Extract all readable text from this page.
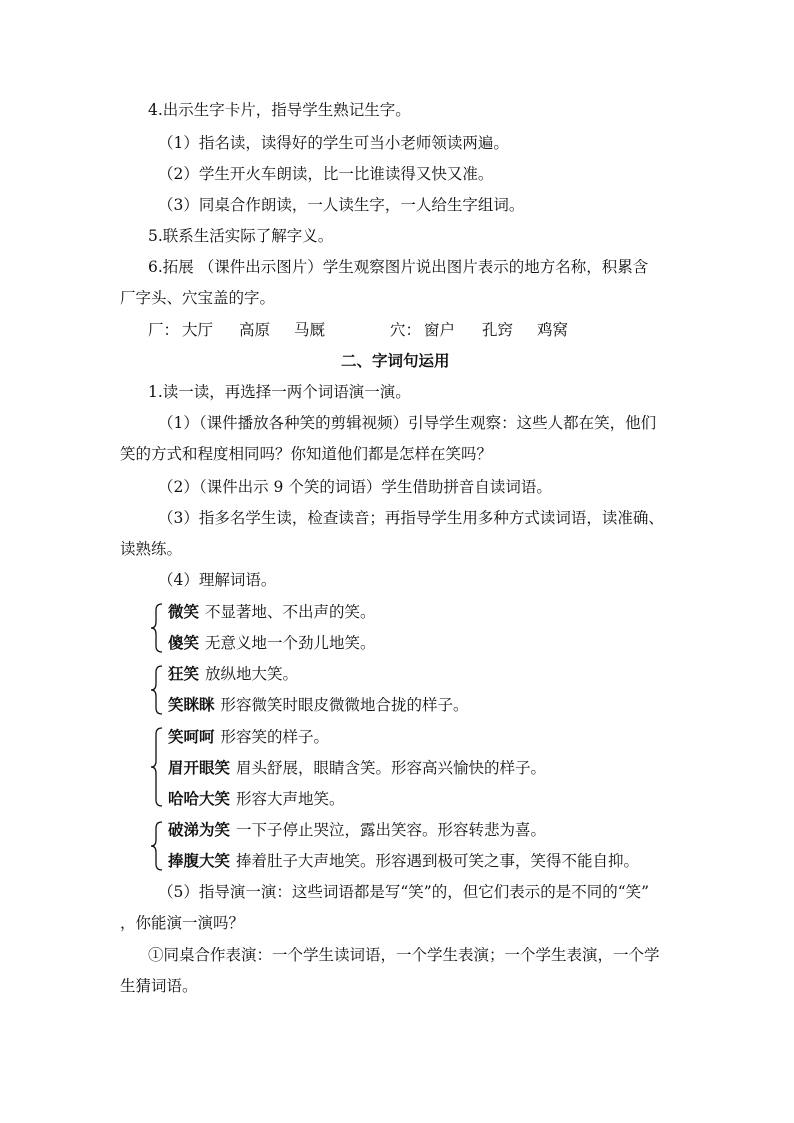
4.出示生字卡片，指导学生熟记生字。
（1）指名读，读得好的学生可当小老师领读两遍。
（2）学生开火车朗读，比一比谁读得又快又准。
（3）同桌合作朗读，一人读生字，一人给生字组词。
5.联系生活实际了解字义。
6.拓展 （课件出示图片）学生观察图片说出图片表示的地方名称，积累含
厂字头、穴宝盖的字。
厂： 大厅 高原 马厩	穴： 窗户 孔窍 鸡窝
二、字词句运用
1.读一读，再选择一两个词语演一演。
（1）（课件播放各种笑的剪辑视频）引导学生观察：这些人都在笑，他们
笑的方式和程度相同吗？你知道他们都是怎样在笑吗？
（2）（课件出示 9 个笑的词语）学生借助拼音自读词语。
（3）指多名学生读，检查读音；再指导学生用多种方式读词语，读准确、
读熟练。
（4）理解词语。
微笑 不显著地、不出声的笑。
傻笑 无意义地一个劲儿地笑。
狂笑 放纵地大笑。
笑眯眯 形容微笑时眼皮微微地合拢的样子。
笑呵呵 形容笑的样子。
眉开眼笑 眉头舒展，眼睛含笑。形容高兴愉快的样子。
哈哈大笑 形容大声地笑。
破涕为笑 一下子停止哭泣，露出笑容。形容转悲为喜。
捧腹大笑 捧着肚子大声地笑。形容遇到极可笑之事，笑得不能自抑。
（5）指导演一演：这些词语都是写“笑”的，但它们表示的是不同的“笑”
，你能演一演吗？
①同桌合作表演：一个学生读词语，一个学生表演；一个学生表演，一个学
生猜词语。
